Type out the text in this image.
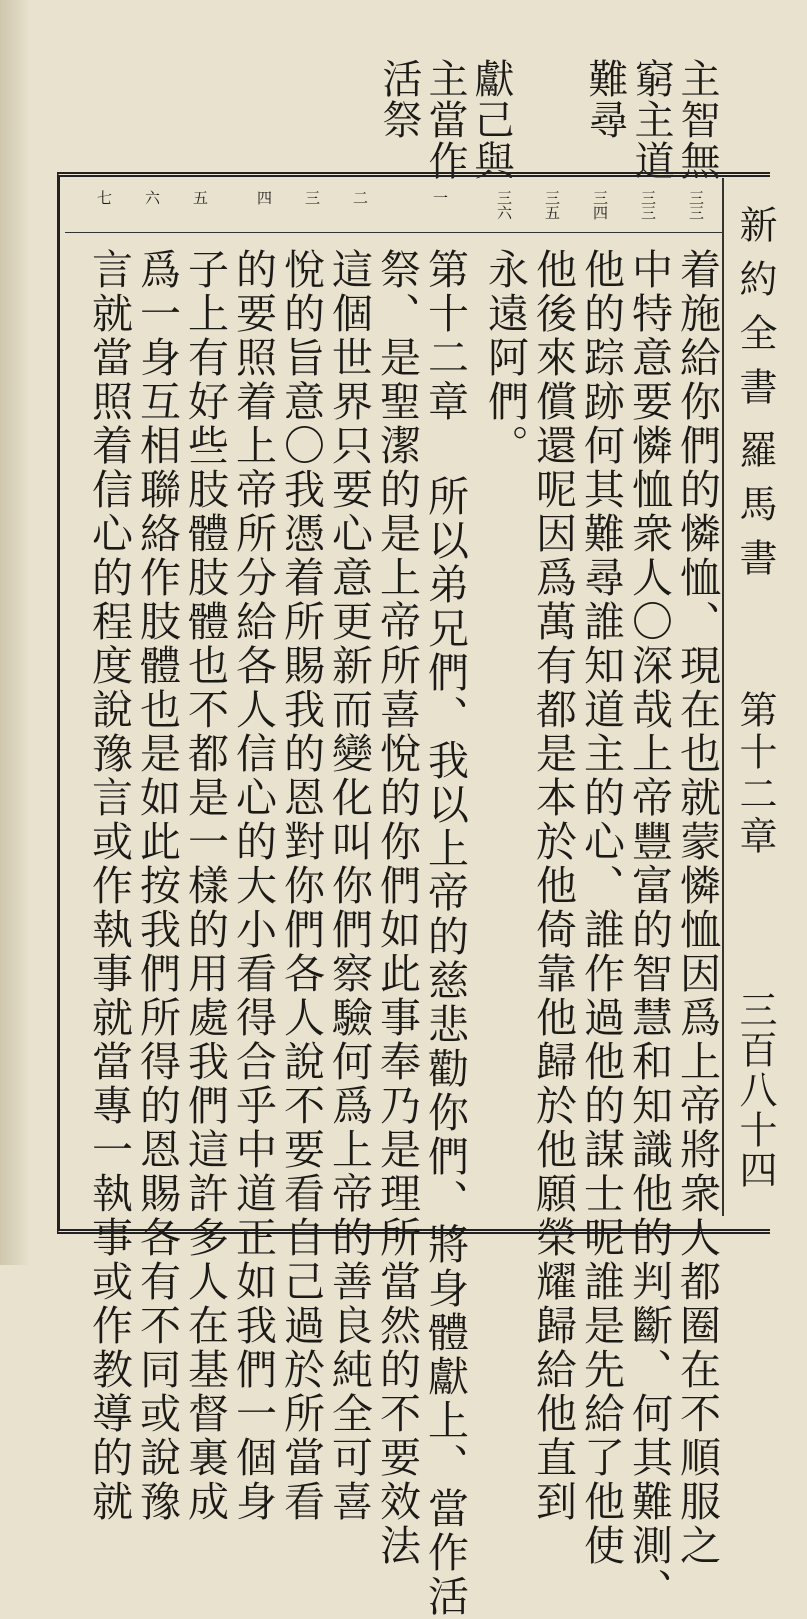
主智無
窮主道
難尋
獻己與
主當作
活祭
三三
三三
三四
三五
三六
一
二
三
四
五
六
七
新約全書
羅馬書
第十二章
三百八十四
着施給你們的憐恤、現在也就蒙憐恤因爲上帝將衆人都圈在不順服之
中特意要憐恤衆人〇深哉上帝豐富的智慧和知識他的判斷、何其難測、
他的踪跡何其難尋誰知道主的心、誰作過他的謀士呢誰是先給了他使
他後來償還呢因爲萬有都是本於他倚靠他歸於他願榮耀歸給他直到
永遠阿們。
第十二章 所以弟兄們、我以上帝的慈悲勸你們、將身體獻上、當作活
祭、是聖潔的是上帝所喜悅的你們如此事奉乃是理所當然的不要效法
這個世界只要心意更新而變化叫你們察驗何爲上帝的善良純全可喜
悅的旨意〇我憑着所賜我的恩對你們各人說不要看自己過於所當看
的要照着上帝所分給各人信心的大小看得合乎中道正如我們一個身
子上有好些肢體肢體也不都是一樣的用處我們這許多人在基督裏成
爲一身互相聯絡作肢體也是如此按我們所得的恩賜各有不同或說豫
言就當照着信心的程度說豫言或作執事就當專一執事或作教導的就
